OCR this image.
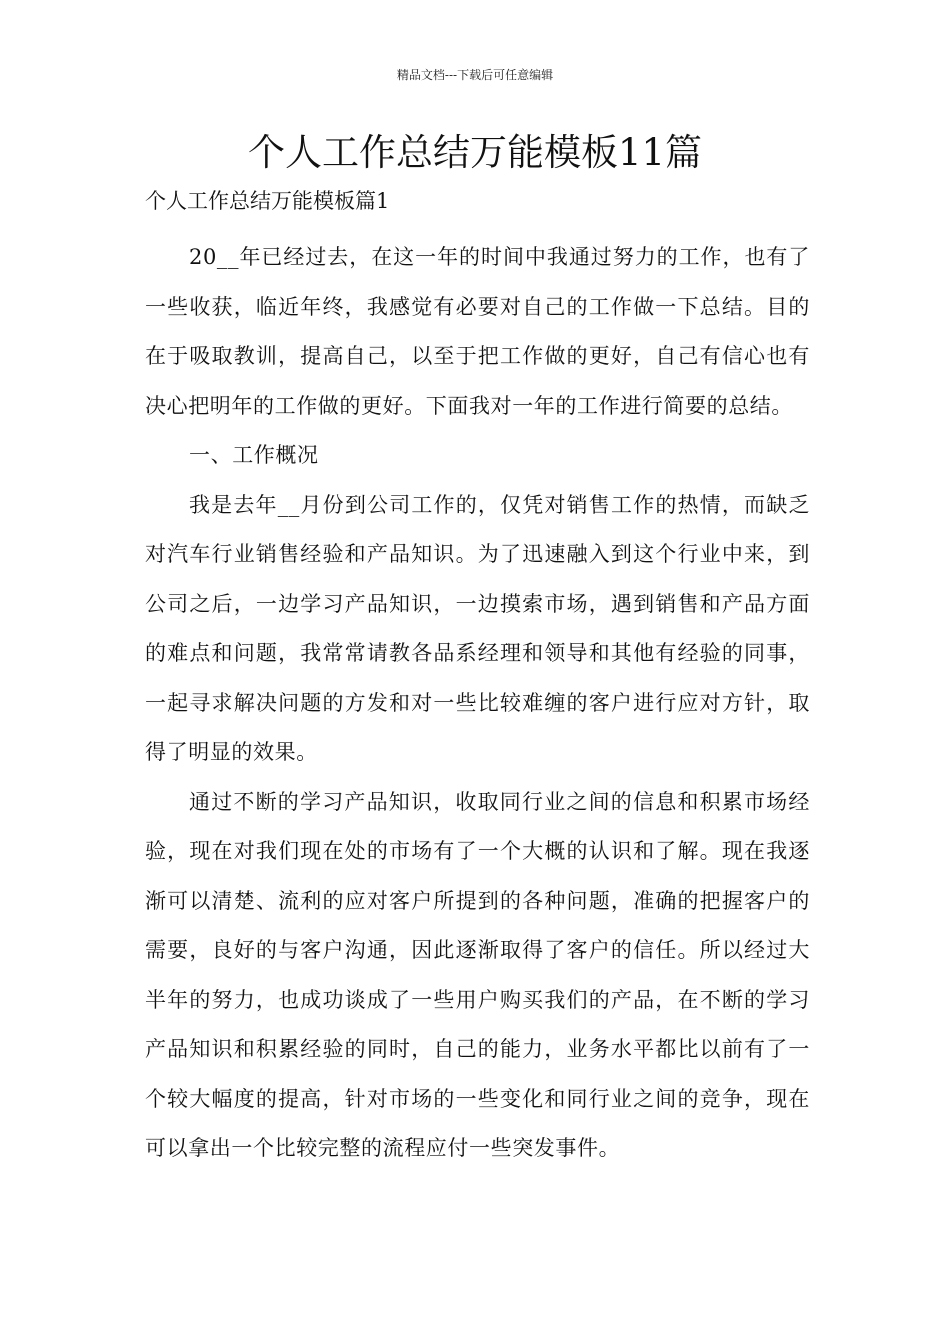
精品文档---下载后可任意编辑
个人工作总结万能模板11篇

个人工作总结万能模板篇1

20__年已经过去，在这一年的时间中我通过努力的工作，也有了一些收获，临近年终，我感觉有必要对自己的工作做一下总结。目的在于吸取教训，提高自己，以至于把工作做的更好，自己有信心也有决心把明年的工作做的更好。下面我对一年的工作进行简要的总结。

一、工作概况

我是去年__月份到公司工作的，仅凭对销售工作的热情，而缺乏对汽车行业销售经验和产品知识。为了迅速融入到这个行业中来，到公司之后，一边学习产品知识，一边摸索市场，遇到销售和产品方面的难点和问题，我常常请教各品系经理和领导和其他有经验的同事，一起寻求解决问题的方发和对一些比较难缠的客户进行应对方针，取得了明显的效果。

通过不断的学习产品知识，收取同行业之间的信息和积累市场经验，现在对我们现在处的市场有了一个大概的认识和了解。现在我逐渐可以清楚、流利的应对客户所提到的各种问题，准确的把握客户的需要，良好的与客户沟通，因此逐渐取得了客户的信任。所以经过大半年的努力，也成功谈成了一些用户购买我们的产品，在不断的学习产品知识和积累经验的同时，自己的能力，业务水平都比以前有了一个较大幅度的提高，针对市场的一些变化和同行业之间的竞争，现在可以拿出一个比较完整的流程应付一些突发事件。
